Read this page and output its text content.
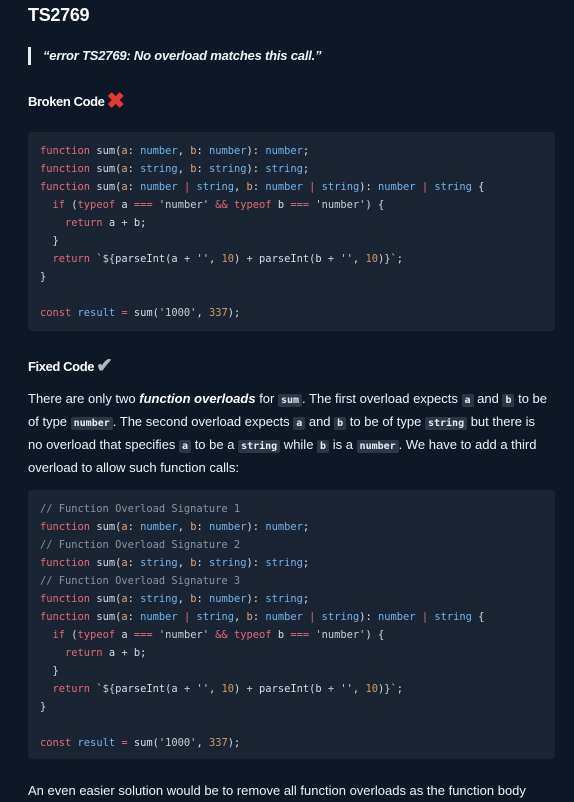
TS2769
“error TS2769: No overload matches this call.”
Broken Code ✖
function sum(a: number, b: number): number;
function sum(a: string, b: string): string;
function sum(a: number | string, b: number | string): number | string {
if (typeof a === 'number' && typeof b === 'number') {
return a + b;
}
return `${parseInt(a + '', 10) + parseInt(b + '', 10)}`;
}
const result = sum('1000', 337);
Fixed Code ✔
There are only two function overloads for sum . The first overload expects a and b to be of type number . The second overload expects a and b to be of type string but there is no overload that specifies a to be a string while b is a number . We have to add a third overload to allow such function calls:
// Function Overload Signature 1
function sum(a: number, b: number): number;
// Function Overload Signature 2
function sum(a: string, b: string): string;
// Function Overload Signature 3
function sum(a: string, b: number): string;
function sum(a: number | string, b: number | string): number | string {
if (typeof a === 'number' && typeof b === 'number') {
return a + b;
}
return `${parseInt(a + '', 10) + parseInt(b + '', 10)}`;
}
const result = sum('1000', 337);
An even easier solution would be to remove all function overloads as the function body
